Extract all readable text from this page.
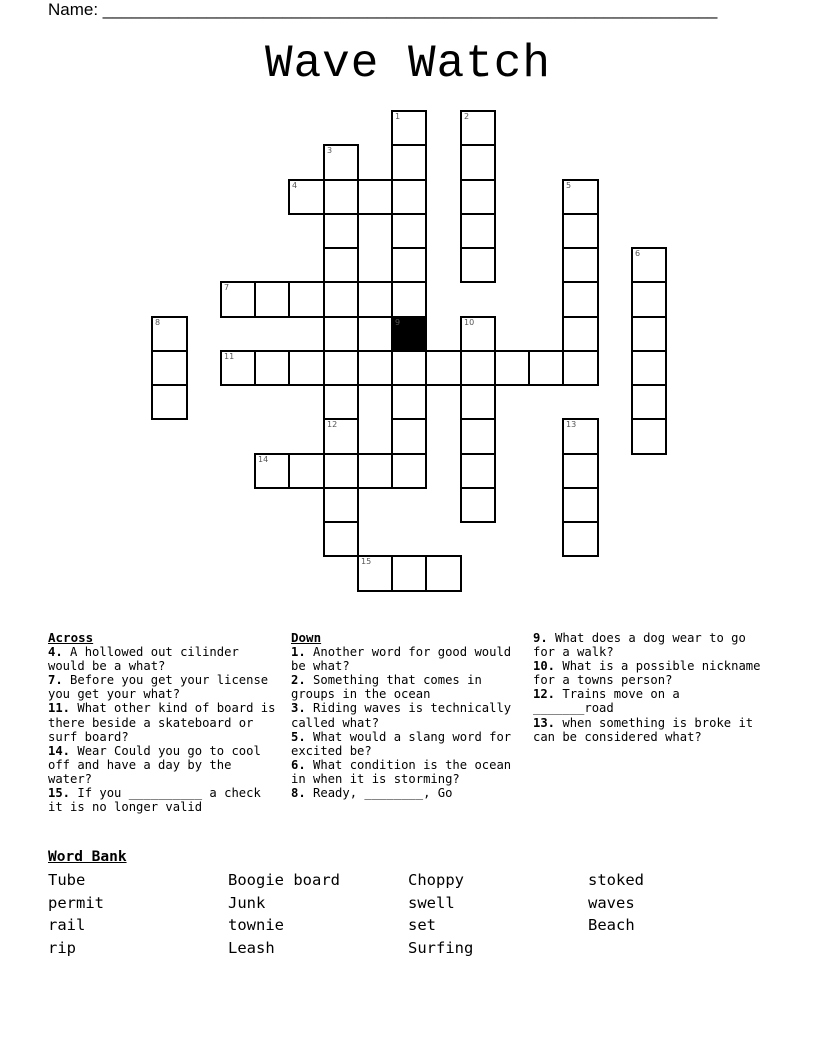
Name: _________________________________________________________________
Wave Watch
1	2
3
12
4	5
6
7
8	9	10
11
13
14
15
Across
4. A hollowed out cilinder would be a what?
7. Before you get your license you get your what?
11. What other kind of board is there beside a skateboard or surf board?
14. Wear Could you go to cool off and have a day by the water?
15. If you __________ a check it is no longer valid
Down
1. Another word for good would be what?
2. Something that comes in groups in the ocean
3. Riding waves is technically called what?
5. What would a slang word for excited be?
6. What condition is the ocean in when it is storming?
8. Ready, ________, Go
9. What does a dog wear to go for a walk?
10. What is a possible nickname for a towns person?
12. Trains move on a _______road
13. when something is broke it can be considered what?
Word Bank
Tube	Boogie board	Choppy	stoked
permit	Junk	swell	waves
rail	townie	set	Beach
rip	Leash	Surfing
